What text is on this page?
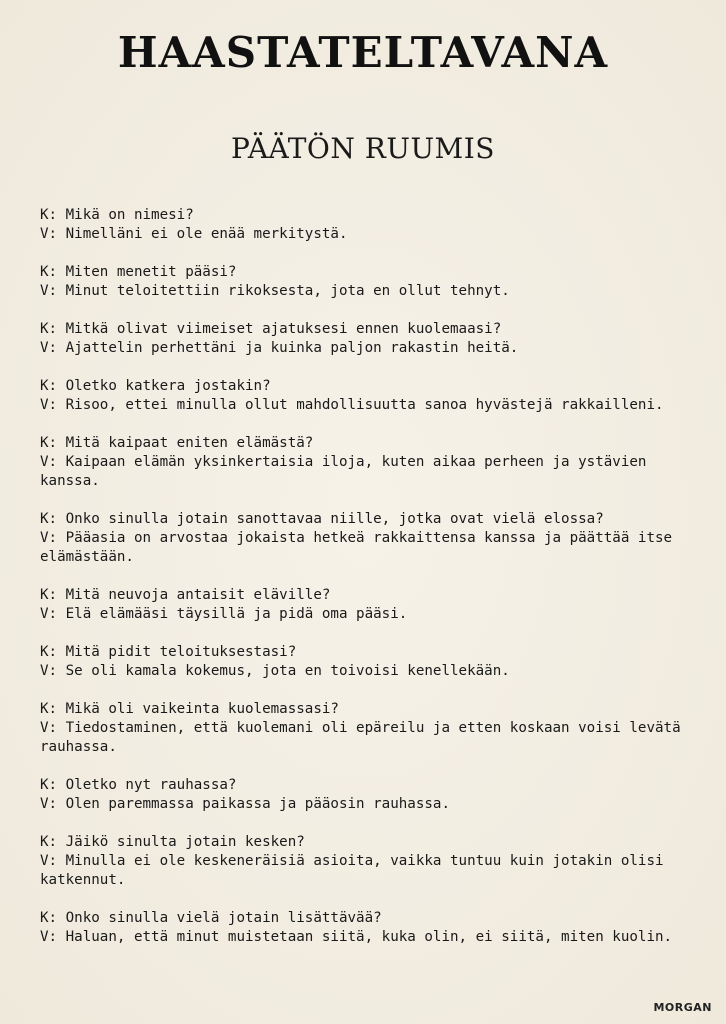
HAASTATELTAVANA
PÄÄTÖN RUUMIS
K: Mikä on nimesi?
V: Nimelläni ei ole enää merkitystä.
K: Miten menetit pääsi?
V: Minut teloitettiin rikoksesta, jota en ollut tehnyt.
K: Mitkä olivat viimeiset ajatuksesi ennen kuolemaasi?
V: Ajattelin perhettäni ja kuinka paljon rakastin heitä.
K: Oletko katkera jostakin?
V: Risoo, ettei minulla ollut mahdollisuutta sanoa hyvästejä rakkailleni.
K: Mitä kaipaat eniten elämästä?
V: Kaipaan elämän yksinkertaisia iloja, kuten aikaa perheen ja ystävien kanssa.
K: Onko sinulla jotain sanottavaa niille, jotka ovat vielä elossa?
V: Pääasia on arvostaa jokaista hetkeä rakkaittensa kanssa ja päättää itse elämästään.
K: Mitä neuvoja antaisit eläville?
V: Elä elämääsi täysillä ja pidä oma pääsi.
K: Mitä pidit teloituksestasi?
V: Se oli kamala kokemus, jota en toivoisi kenellekään.
K: Mikä oli vaikeinta kuolemassasi?
V: Tiedostaminen, että kuolemani oli epäreilu ja etten koskaan voisi levätä rauhassa.
K: Oletko nyt rauhassa?
V: Olen paremmassa paikassa ja pääosin rauhassa.
K: Jäikö sinulta jotain kesken?
V: Minulla ei ole keskeneräisiä asioita, vaikka tuntuu kuin jotakin olisi katkennut.
K: Onko sinulla vielä jotain lisättävää?
V: Haluan, että minut muistetaan siitä, kuka olin, ei siitä, miten kuolin.
MORGAN
